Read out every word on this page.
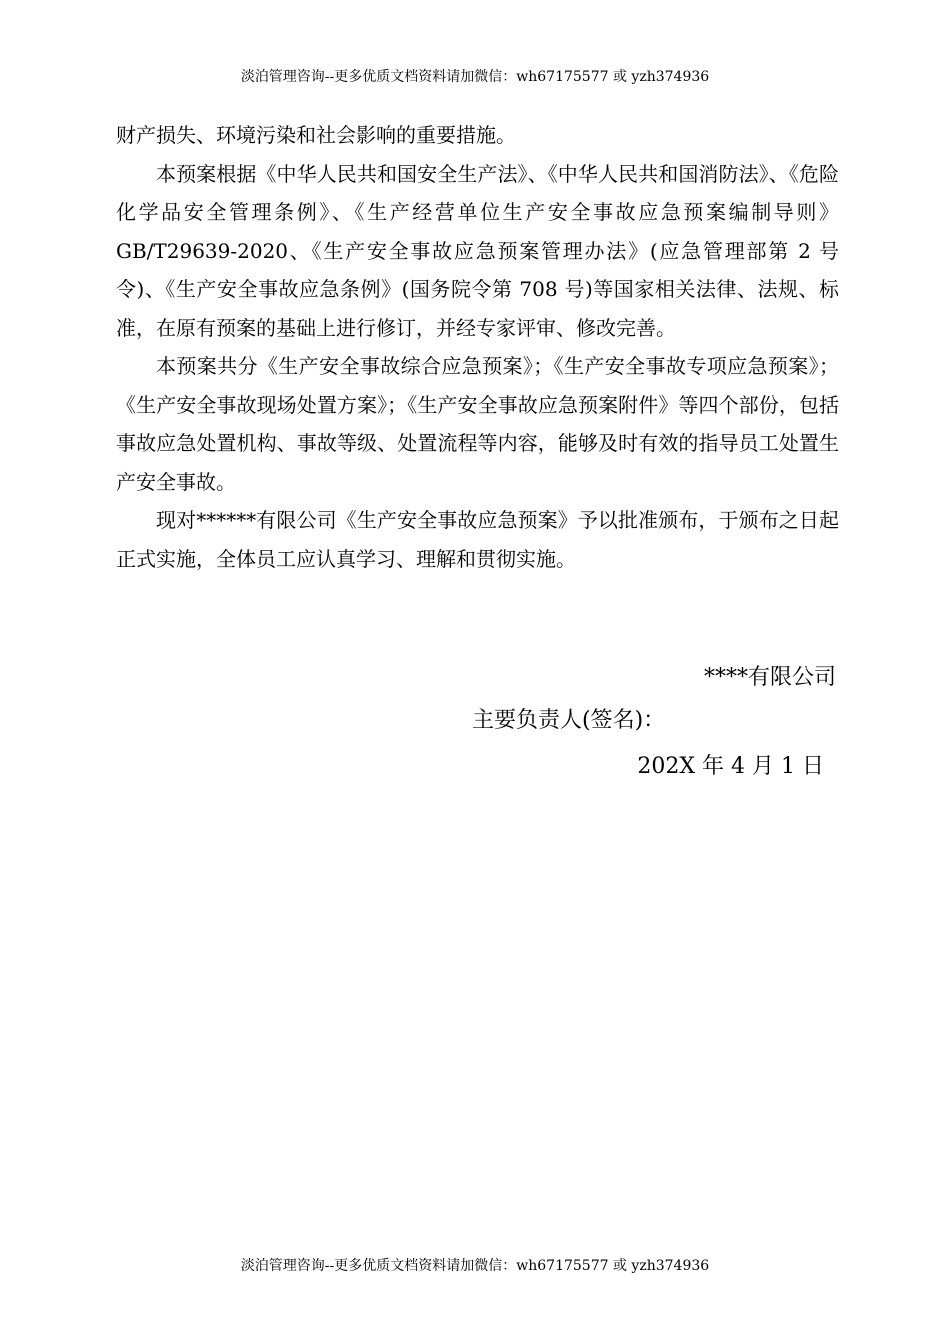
淡泊管理咨询--更多优质文档资料请加微信：wh67175577 或 yzh374936

财产损失、环境污染和社会影响的重要措施。

本预案根据《中华人民共和国安全生产法》、《中华人民共和国消防法》、《危险化学品安全管理条例》、《生产经营单位生产安全事故应急预案编制导则》GB/T29639-2020、《生产安全事故应急预案管理办法》(应急管理部第 2 号令)、《生产安全事故应急条例》(国务院令第 708 号)等国家相关法律、法规、标准，在原有预案的基础上进行修订，并经专家评审、修改完善。

本预案共分《生产安全事故综合应急预案》；《生产安全事故专项应急预案》；《生产安全事故现场处置方案》；《生产安全事故应急预案附件》等四个部份，包括事故应急处置机构、事故等级、处置流程等内容，能够及时有效的指导员工处置生产安全事故。

现对******有限公司《生产安全事故应急预案》予以批准颁布，于颁布之日起正式实施，全体员工应认真学习、理解和贯彻实施。

****有限公司
主要负责人(签名)：
202X 年 4 月 1 日
淡泊管理咨询--更多优质文档资料请加微信：wh67175577 或 yzh374936
